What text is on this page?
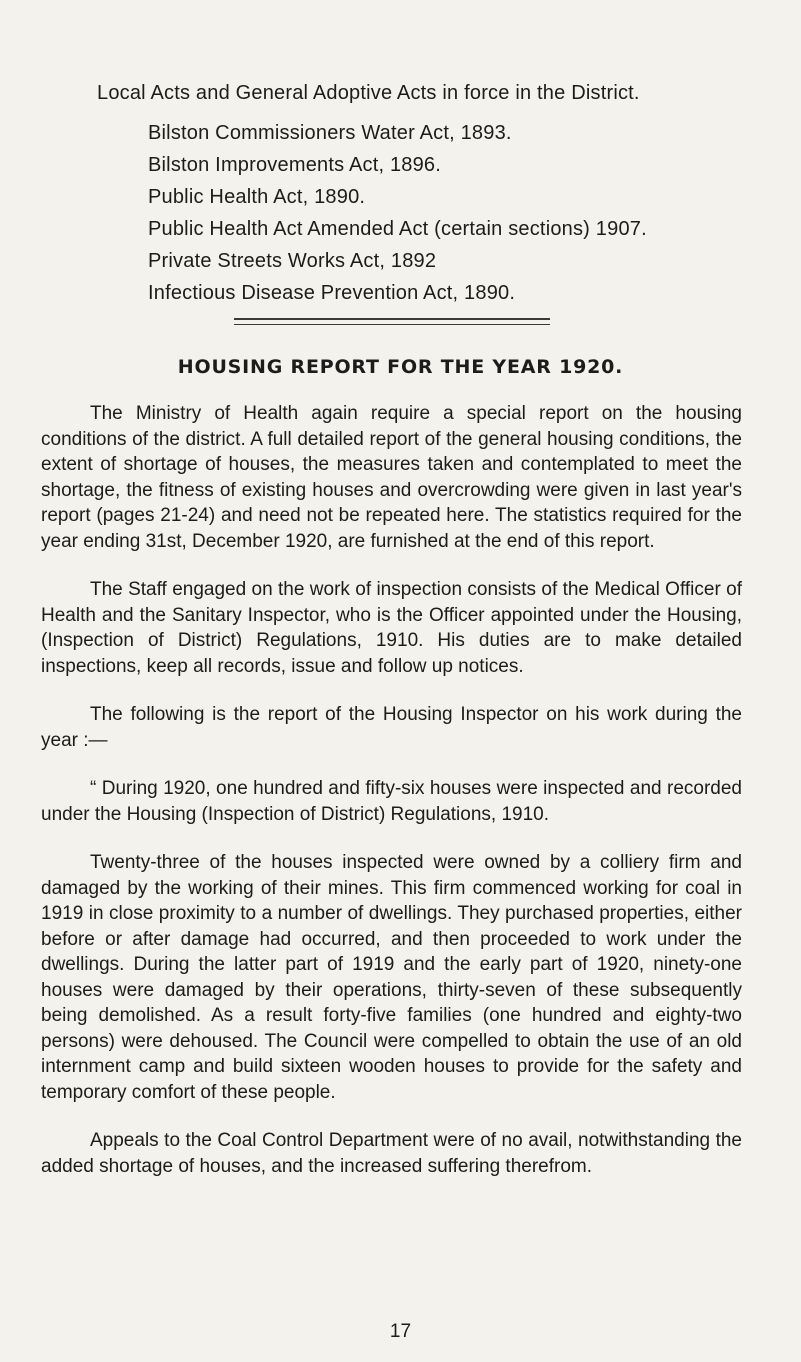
Local Acts and General Adoptive Acts in force in the District.
Bilston Commissioners Water Act, 1893.
Bilston Improvements Act, 1896.
Public Health Act, 1890.
Public Health Act Amended Act (certain sections) 1907.
Private Streets Works Act, 1892
Infectious Disease Prevention Act, 1890.
HOUSING REPORT FOR THE YEAR 1920.

The Ministry of Health again require a special report on the housing conditions of the district. A full detailed report of the general housing conditions, the extent of shortage of houses, the measures taken and contemplated to meet the shortage, the fitness of existing houses and overcrowding were given in last year's report (pages 21-24) and need not be repeated here. The statistics required for the year ending 31st, December 1920, are furnished at the end of this report.

The Staff engaged on the work of inspection consists of the Medical Officer of Health and the Sanitary Inspector, who is the Officer appointed under the Housing, (Inspection of District) Regulations, 1910. His duties are to make detailed inspections, keep all records, issue and follow up notices.

The following is the report of the Housing Inspector on his work during the year :—

“ During 1920, one hundred and fifty-six houses were inspected and recorded under the Housing (Inspection of District) Regulations, 1910.

Twenty-three of the houses inspected were owned by a colliery firm and damaged by the working of their mines. This firm commenced working for coal in 1919 in close proximity to a number of dwellings. They purchased properties, either before or after damage had occurred, and then proceeded to work under the dwellings. During the latter part of 1919 and the early part of 1920, ninety-one houses were damaged by their operations, thirty-seven of these subsequently being demolished. As a result forty-five families (one hundred and eighty-two persons) were dehoused. The Council were compelled to obtain the use of an old internment camp and build sixteen wooden houses to provide for the safety and temporary comfort of these people.

Appeals to the Coal Control Department were of no avail, notwithstanding the added shortage of houses, and the increased suffering therefrom.

17
